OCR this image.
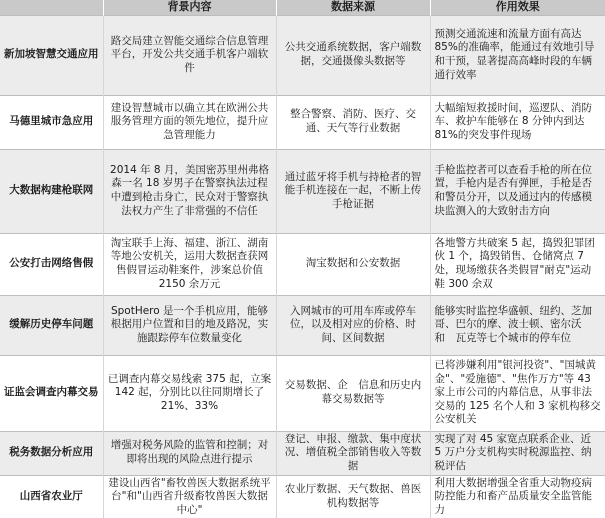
	背景内容	数据来源	作用效果
新加坡智慧交通应用	路交局建立智能交通综合信息管理平台，开发公共交通手机客户端软件	公共交通系统数据，客户端数据，交通摄像头数据等	预测交通流速和流量方面有高达 85%的准确率，能通过有效地引导和干预，显著提高高峰时段的车辆通行效率
马德里城市急应用	建设智慧城市以确立其在欧洲公共服务管理方面的领先地位，提升应急管理能力	整合警察、消防、医疗、交通、天气等行业数据	大幅缩短救援时间，巡逻队、消防车、救护车能够在 8 分钟内到达 81%的突发事件现场
大数据构建枪联网	2014 年 8 月，美国密苏里州弗格森一名 18 岁男子在警察执法过程中遭到枪击身亡，民众对于警察执法权力产生了非常强的不信任	通过蓝牙将手机与持枪者的智能手机连接在一起，不断上传手枪证据	手枪监控者可以查看手枪的所在位置，手枪内是否有弹匣，手枪是否和警员分开，以及通过内的传感模块监测入的大致射击方向
公安打击网络售假	淘宝联手上海、福建、浙江、湖南等地公安机关，运用大数据查获网售假冒运动鞋案件，涉案总价值 2150 余万元	淘宝数据和公安数据	各地警方共破案 5 起，捣毁犯罪团伙 1 个，捣毁销售、仓储窝点 7 处，现场缴获各类假冒"耐克"运动鞋 300 余双
缓解历史停车问题	SpotHero 是一个手机应用，能够根据用户位置和目的地及路况，实施跟踪停车位数量变化	入网城市的可用车库或停车位，以及相对应的价格、时间、区间数据	能够实时监控华盛顿、纽约、芝加哥、巴尔的摩、波士顿、密尔沃　和　瓦克等七个城市的停车位
证监会调查内幕交易	已调查内幕交易线索 375 起，立案 142 起，分别比以往同期增长了 21%、33%	交易数据、企　信息和历史内幕交易数据等	已将涉嫌利用"银河投资"、"国城黄金"、"爱施德"、"焦作万方"等 43 家上市公司的内幕信息，从事非法交易的 125 名个人和 3 家机构移交公安机关
税务数据分析应用	增强对税务风险的监管和控制；对即将出现的风险点进行提示	登记、申报、缴款、集中度状况、增值税全部销售收入等数据	实现了对 45 家宽点联系企业、近 5 万户分支机构实时税源监控、纳税评估
山西省农业厅	建设山西省"畜牧兽医大数据系统平台"和"山西省升级畜牧兽医大数据中心"	农业厅数据、天气数据、兽医机构数据等	利用大数据增强全省重大动物疫病防控能力和畜产品质量安全监管能力
